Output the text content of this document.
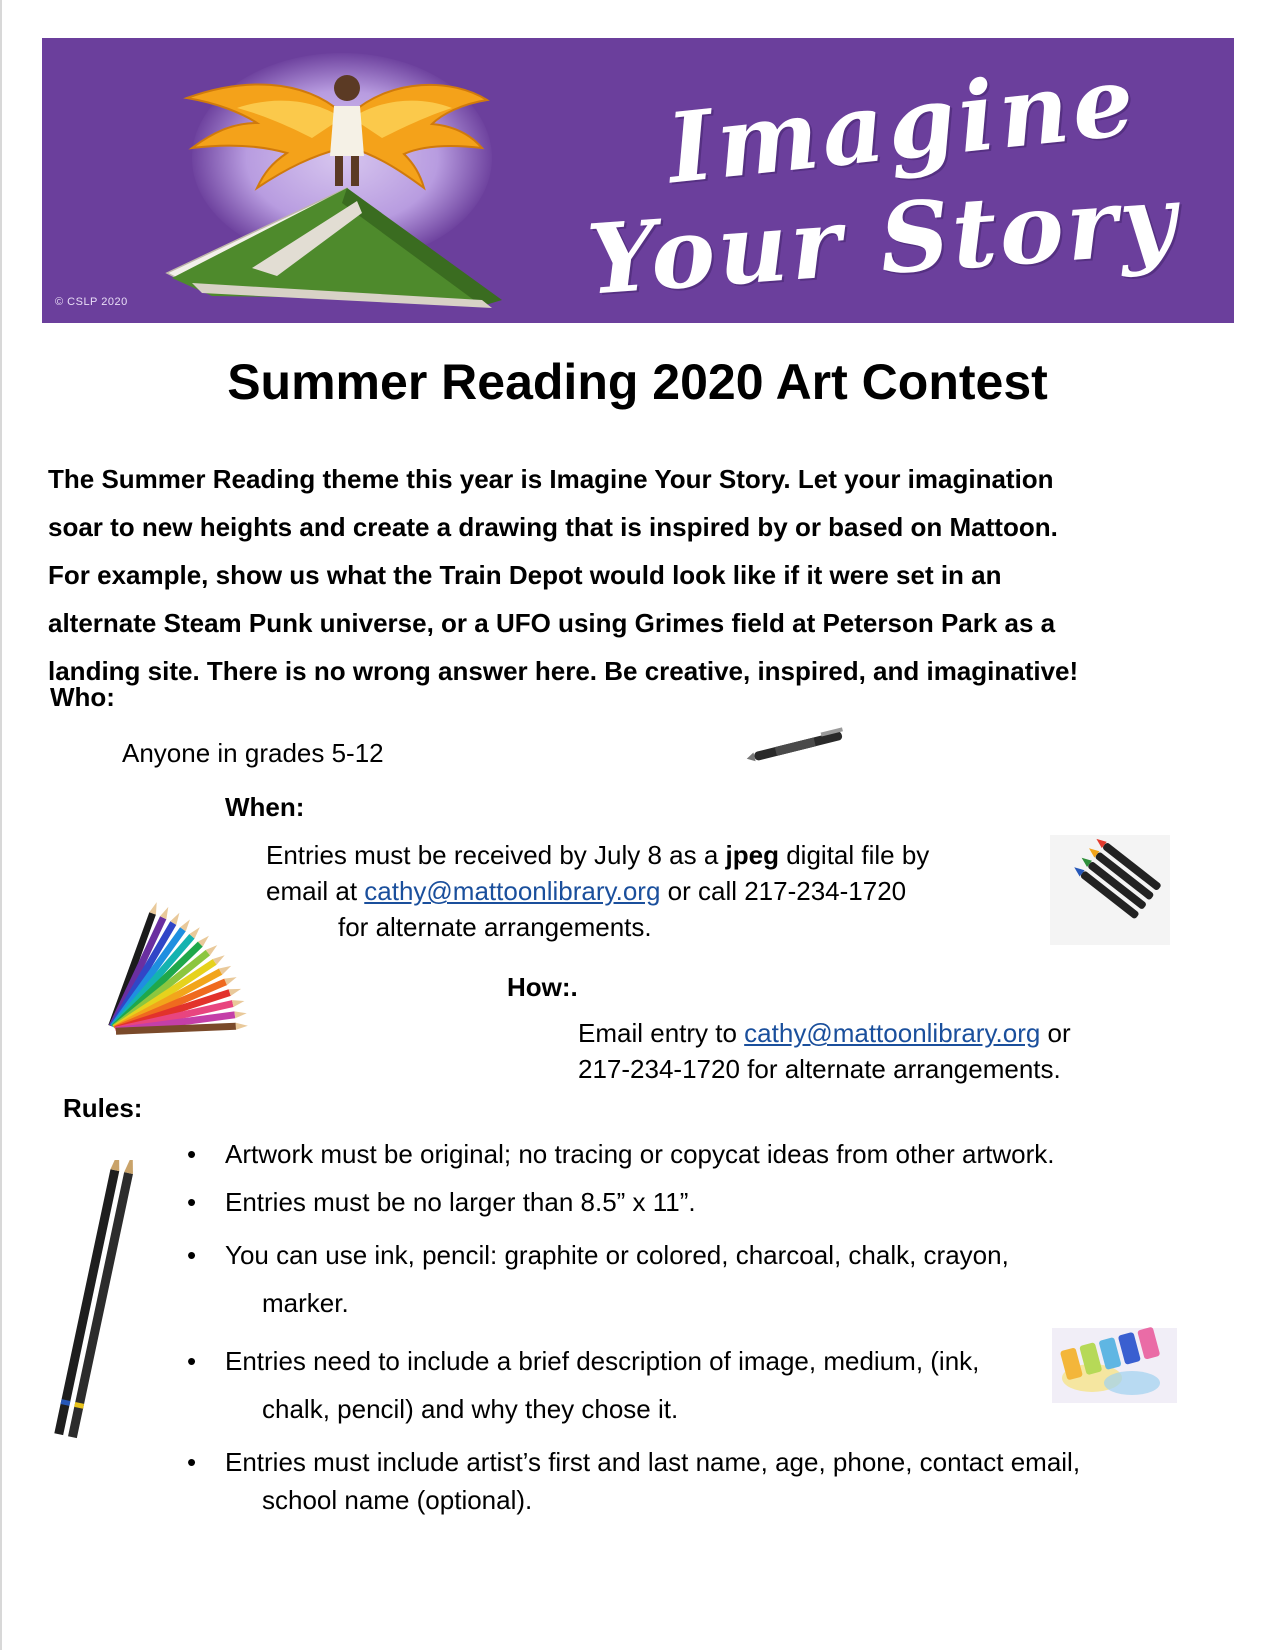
© CSLP 2020
Imagine
Your Story
Summer Reading 2020 Art Contest
The Summer Reading theme this year is Imagine Your Story. Let your imagination
soar to new heights and create a drawing that is inspired by or based on Mattoon.
For example, show us what the Train Depot would look like if it were set in an
alternate Steam Punk universe, or a UFO using Grimes field at Peterson Park as a
landing site. There is no wrong answer here. Be creative, inspired, and imaginative!
Who:
Anyone in grades 5-12
When:
Entries must be received by July 8 as a jpeg digital file by
email at cathy@mattoonlibrary.org or call 217-234-1720
for alternate arrangements.
How:.
Email entry to cathy@mattoonlibrary.org or
217-234-1720 for alternate arrangements.
Rules:
• Artwork must be original; no tracing or copycat ideas from other artwork.
• Entries must be no larger than 8.5” x 11”.
• You can use ink, pencil: graphite or colored, charcoal, chalk, crayon,
marker.
• Entries need to include a brief description of image, medium, (ink,
chalk, pencil) and why they chose it.
• Entries must include artist’s first and last name, age, phone, contact email,
school name (optional).
